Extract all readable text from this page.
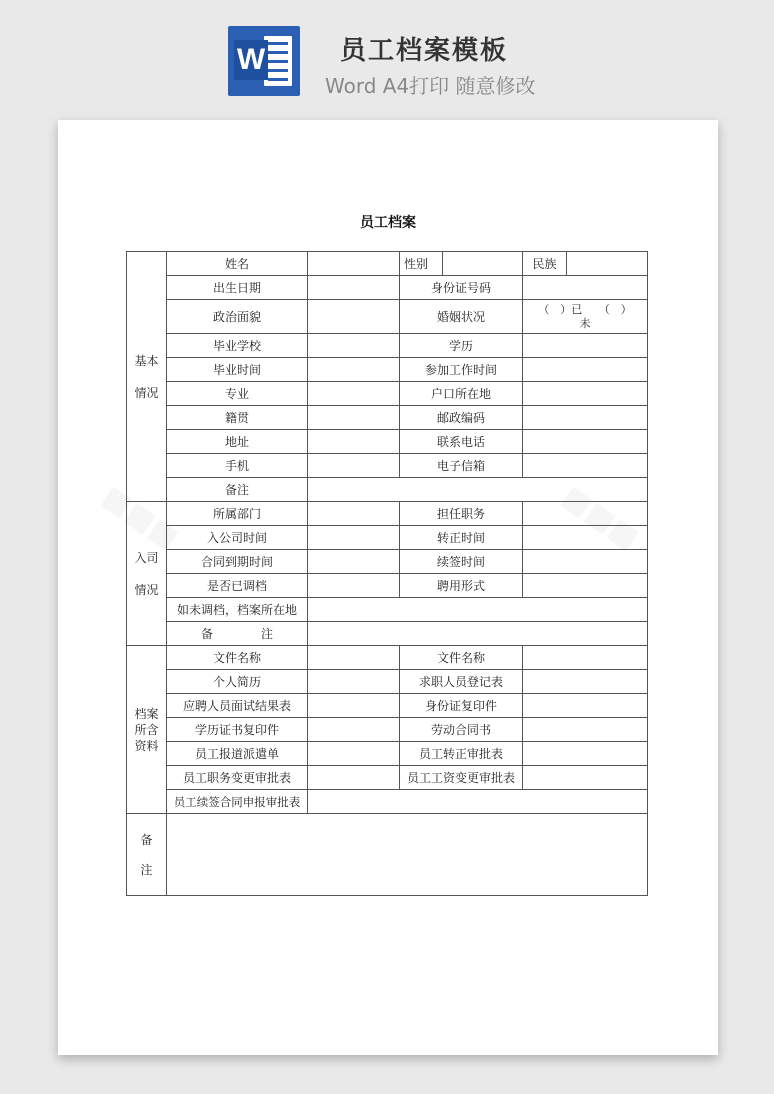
W	员工档案模板
Word A4打印 随意修改
员工档案
基本
情况	姓名		性别		民族	
	出生日期		身份证号码			
	政治面貌		婚姻状况		（　）已　　（　）
未	

	毕业学校		学历			
	毕业时间		参加工作时间			
	专业		户口所在地			
	籍贯		邮政编码			
	地址		联系电话			
	手机		电子信箱			
	备注					

入司
情况	所属部门		担任职务			
	入公司时间		转正时间			
	合同到期时间		续签时间			
	是否已调档		聘用形式			
	如未调档，档案所在地					
	备　　　　注					

档案
所含
资料	文件名称		文件名称			
	个人简历		求职人员登记表			
	应聘人员面试结果表		身份证复印件			
	学历证书复印件		劳动合同书			
	员工报道派遣单		员工转正审批表			
	员工职务变更审批表		员工工资变更审批表			
	员工续签合同申报审批表					

备
注						
